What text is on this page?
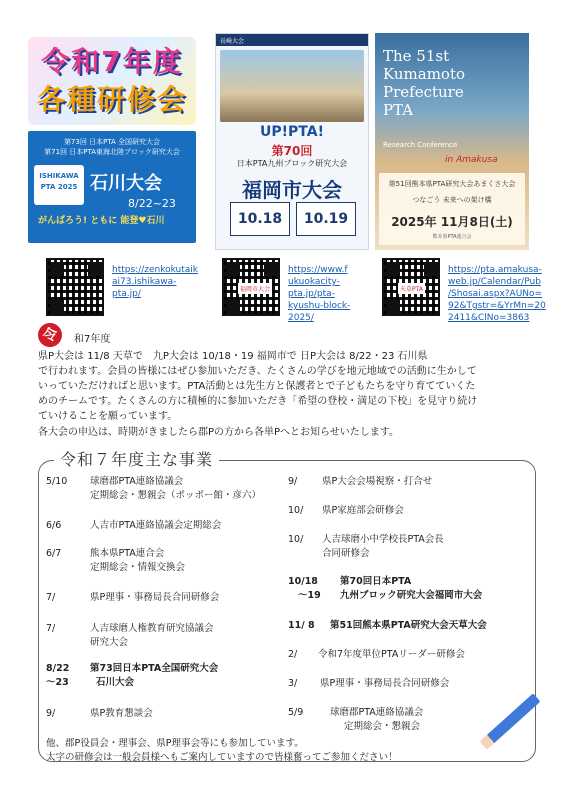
令和7年度
各種研修会
第73回 日本PTA 全国研究大会
第71回 日本PTA東海北陸ブロック研究大会
ISHIKAWA PTA 2025 石川大会
8/22~23
がんばろう! ともに 能登♥石川
長崎大会
UP!PTA!
第70回
日本PTA九州ブロック研究大会
福岡市大会
10.18	10.19
The 51st Kumamoto Prefecture PTA
Research Conference
in Amakusa
第51回熊本県PTA研究大会あまくさ大会
つなごう 未来への架け橋
2025年 11月8日(土)
熊本県PTA連合会
https://zenkokutaik
ai73.ishikawa-
pta.jp/	福岡市大会
https://www.f
ukuokacity-
pta.jp/pta-
kyushu-block-
2025/
天草PTA
https://pta.amakusa-
web.jp/Calendar/Pub
/Shosai.aspx?AUNo=
92&Tgstr=&YrMn=20
2411&ClNo=3863
令	和7年度
県P大会は 11/8 天草で　九P大会は 10/18・19 福岡市で 日P大会は 8/22・23 石川県
で行われます。会員の皆様にはぜひ参加いただき、たくさんの学びを地元地域での活動に生かして
いっていただければと思います。PTA活動とは先生方と保護者とで子どもたちを守り育てていくた
めのチームです。たくさんの方に積極的に参加いただき「希望の登校・満足の下校」を見守り続け
ていけることを願っています。
各大会の申込は、時期がきましたら郡Pの方から各単Pへとお知らせいたします。
令和７年度主な事業
5/10 球磨郡PTA連絡協議会
定期総会・懇親会（ポッポー館・彦六）
6/6	人吉市PTA連絡協議会定期総会
6/7	熊本県PTA連合会
定期総会・情報交換会
7/	県P理事・事務局長合同研修会
7/	人吉球磨人権教育研究協議会
研究大会
8/22
～23
第73回日本PTA全国研究大会
石川大会
9/	県P教育懇談会
9/	県P大会会場視察・打合せ
10/ 県P家庭部会研修会
10/ 人吉球磨小中学校長PTA会長
合同研修会
10/18
～19
第70回日本PTA
九州ブロック研究大会福岡市大会
11/ 8 第51回熊本県PTA研究大会天草大会
2/ 令和7年度単位PTAリーダー研修会
3/ 県P理事・事務局長合同研修会
5/9	球磨郡PTA連絡協議会
定期総会・懇親会
他、郡P役員会・理事会、県P理事会等にも参加しています。
太字の研修会は一般会員様へもご案内していますので皆様奮ってご参加ください！
